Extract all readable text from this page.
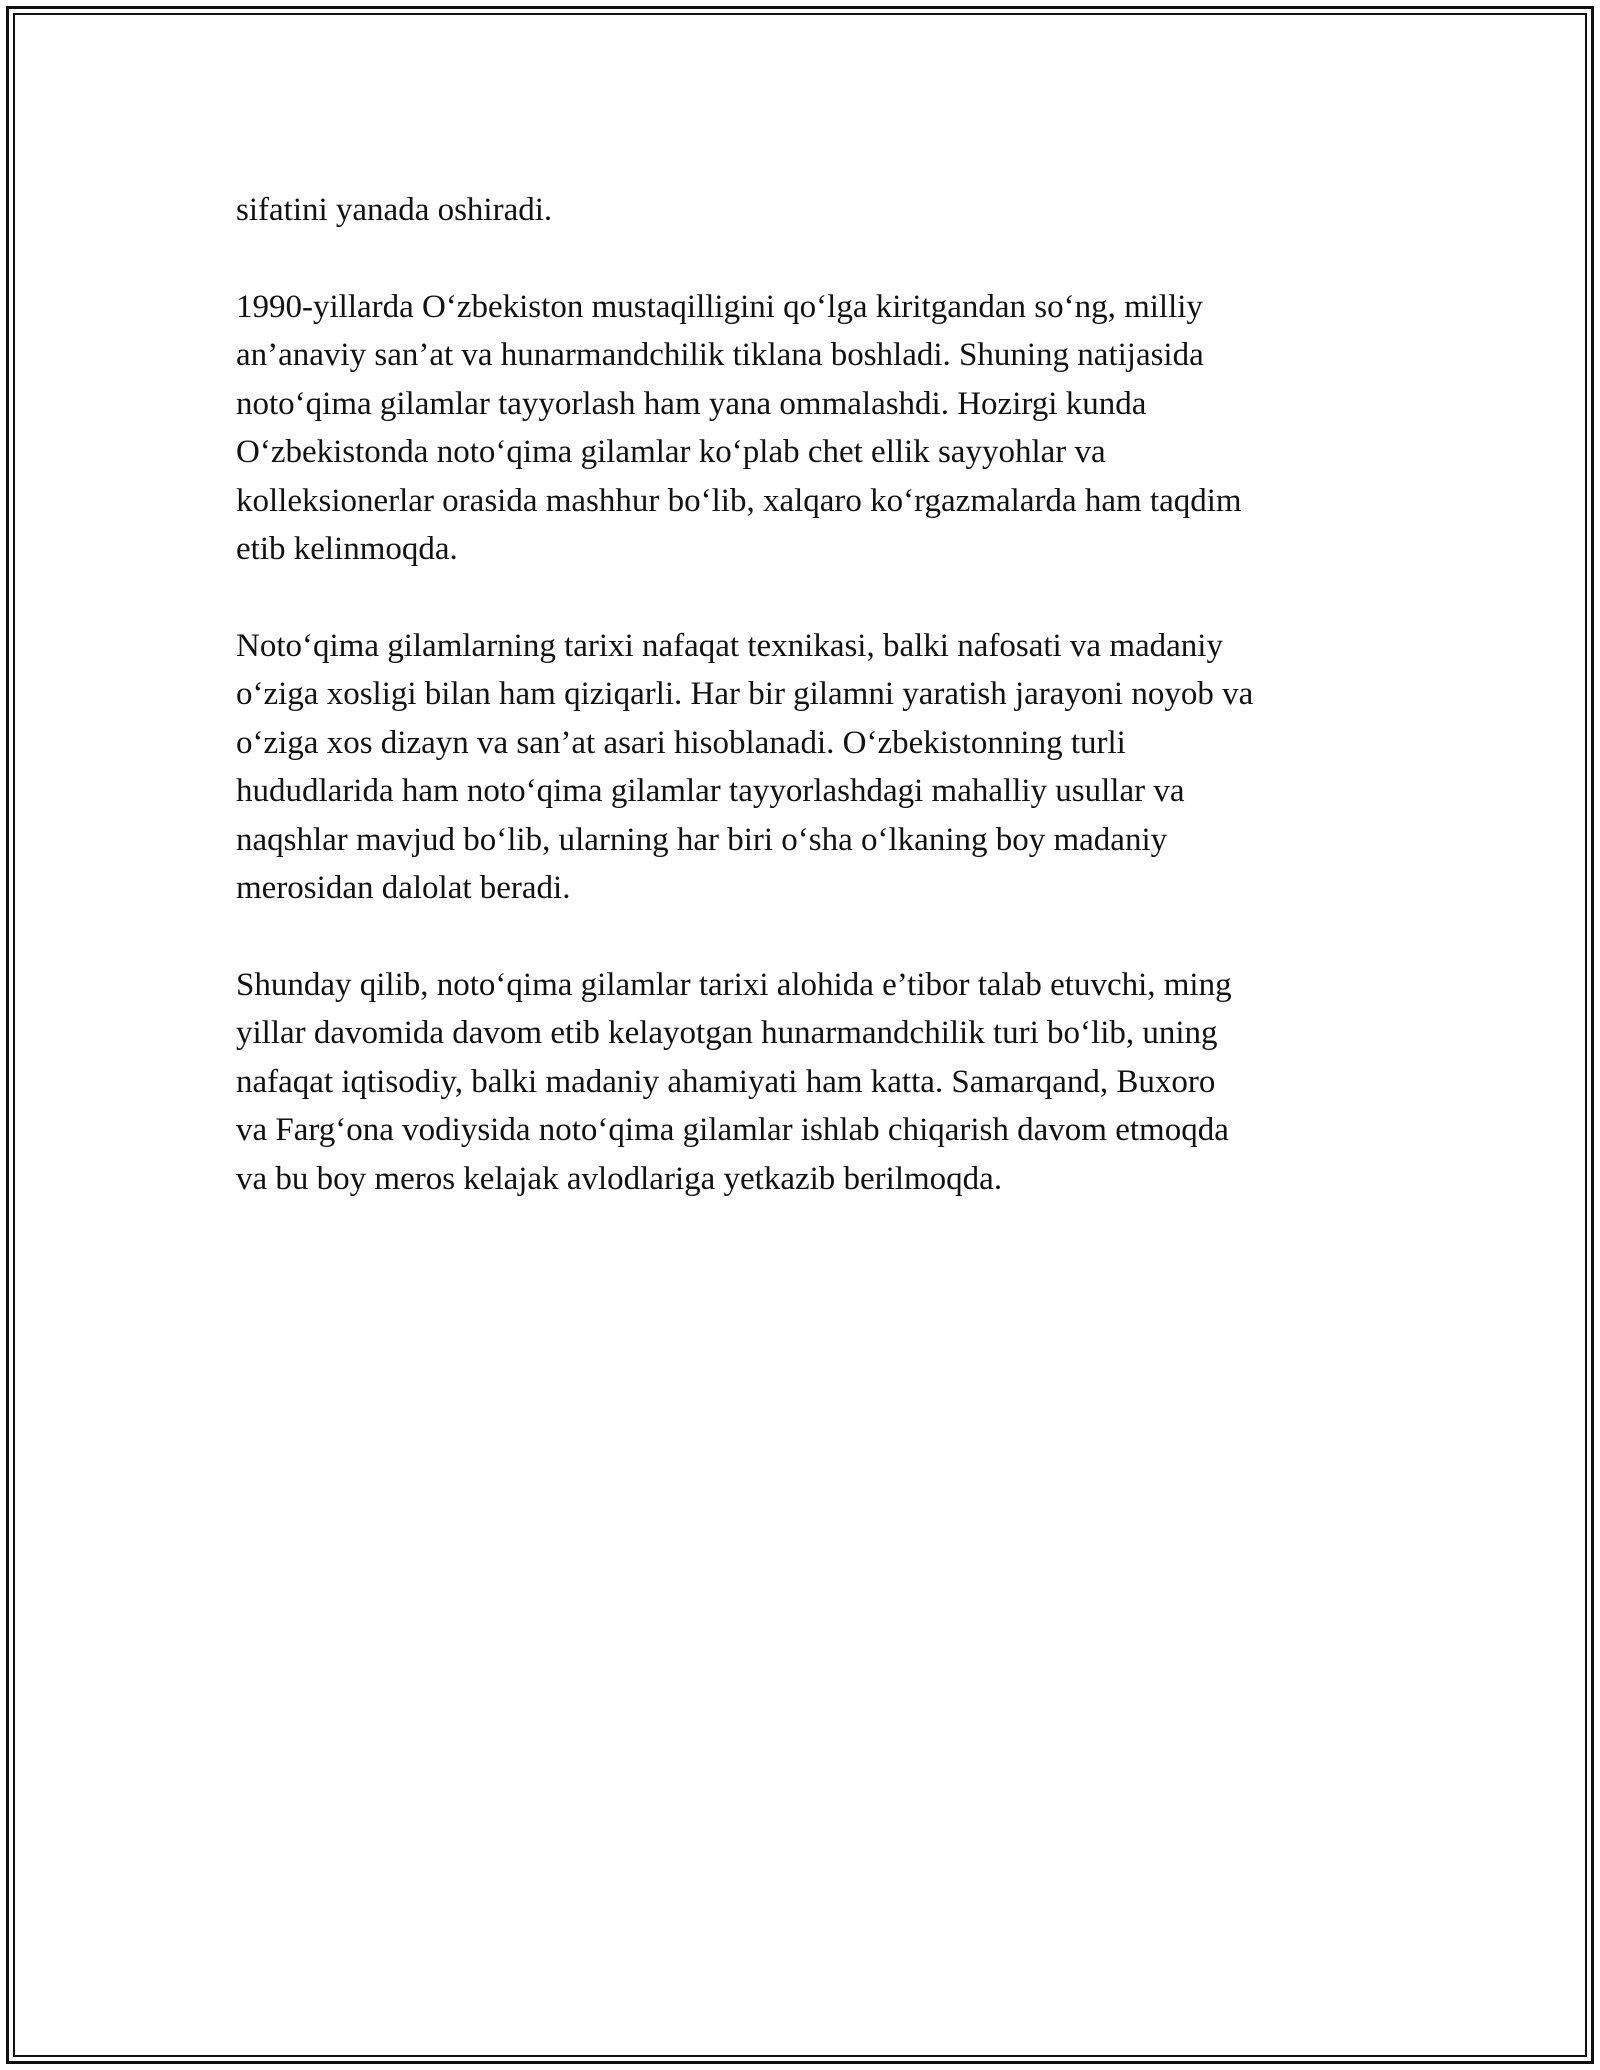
sifatini yanada oshiradi.

1990-yillarda O‘zbekiston mustaqilligini qo‘lga kiritgandan so‘ng, milliy
an’anaviy san’at va hunarmandchilik tiklana boshladi. Shuning natijasida
noto‘qima gilamlar tayyorlash ham yana ommalashdi. Hozirgi kunda
O‘zbekistonda noto‘qima gilamlar ko‘plab chet ellik sayyohlar va
kolleksionerlar orasida mashhur bo‘lib, xalqaro ko‘rgazmalarda ham taqdim
etib kelinmoqda.

Noto‘qima gilamlarning tarixi nafaqat texnikasi, balki nafosati va madaniy
o‘ziga xosligi bilan ham qiziqarli. Har bir gilamni yaratish jarayoni noyob va
o‘ziga xos dizayn va san’at asari hisoblanadi. O‘zbekistonning turli
hududlarida ham noto‘qima gilamlar tayyorlashdagi mahalliy usullar va
naqshlar mavjud bo‘lib, ularning har biri o‘sha o‘lkaning boy madaniy
merosidan dalolat beradi.

Shunday qilib, noto‘qima gilamlar tarixi alohida e’tibor talab etuvchi, ming
yillar davomida davom etib kelayotgan hunarmandchilik turi bo‘lib, uning
nafaqat iqtisodiy, balki madaniy ahamiyati ham katta. Samarqand, Buxoro
va Farg‘ona vodiysida noto‘qima gilamlar ishlab chiqarish davom etmoqda
va bu boy meros kelajak avlodlariga yetkazib berilmoqda.
